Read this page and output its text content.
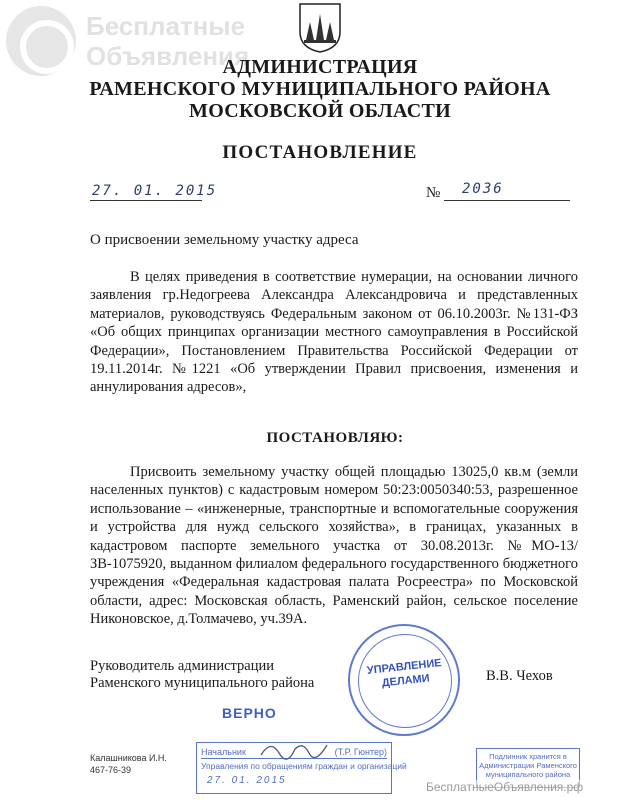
Бесплатные
Объявления
АДМИНИСТРАЦИЯ
РАМЕНСКОГО МУНИЦИПАЛЬНОГО РАЙОНА
МОСКОВСКОЙ ОБЛАСТИ
ПОСТАНОВЛЕНИЕ
27. 01. 2015	№ 2036
О присвоении земельному участку адреса

В целях приведения в соответствие нумерации, на основании личного заявления гр.Недогреева Александра Александровича и представленных материалов, руководствуясь Федеральным законом от 06.10.2003г. №131-ФЗ «Об общих принципах организации местного самоуправления в Российской Федерации», Постановлением Правительства Российской Федерации от 19.11.2014г. №1221 «Об утверждении Правил присвоения, изменения и аннулирования адресов»,

ПОСТАНОВЛЯЮ:

Присвоить земельному участку общей площадью 13025,0 кв.м (земли населенных пунктов) с кадастровым номером 50:23:0050340:53, разрешенное использование – «инженерные, транспортные и вспомогательные сооружения и устройства для нужд сельского хозяйства», в границах, указанных в кадастровом паспорте земельного участка от 30.08.2013г. №МО-13/ЗВ-1075920, выданном филиалом федерального государственного бюджетного учреждения «Федеральная кадастровая палата Росреестра» по Московской области, адрес: Московская область, Раменский район, сельское поселение Никоновское, д.Толмачево, уч.39А.

Руководитель администрации
Раменского муниципального района	В.В. Чехов
УПРАВЛЕНИЕ
ДЕЛАМИ
ВЕРНО
Калашникова И.Н.
467-76-39
Начальник	(Т.Р. Гюнтер)
Управления по обращениям граждан и организаций
27. 01. 2015
Подлинник хранится в Администрации Раменского муниципального района
БесплатныеОбъявления.рф
